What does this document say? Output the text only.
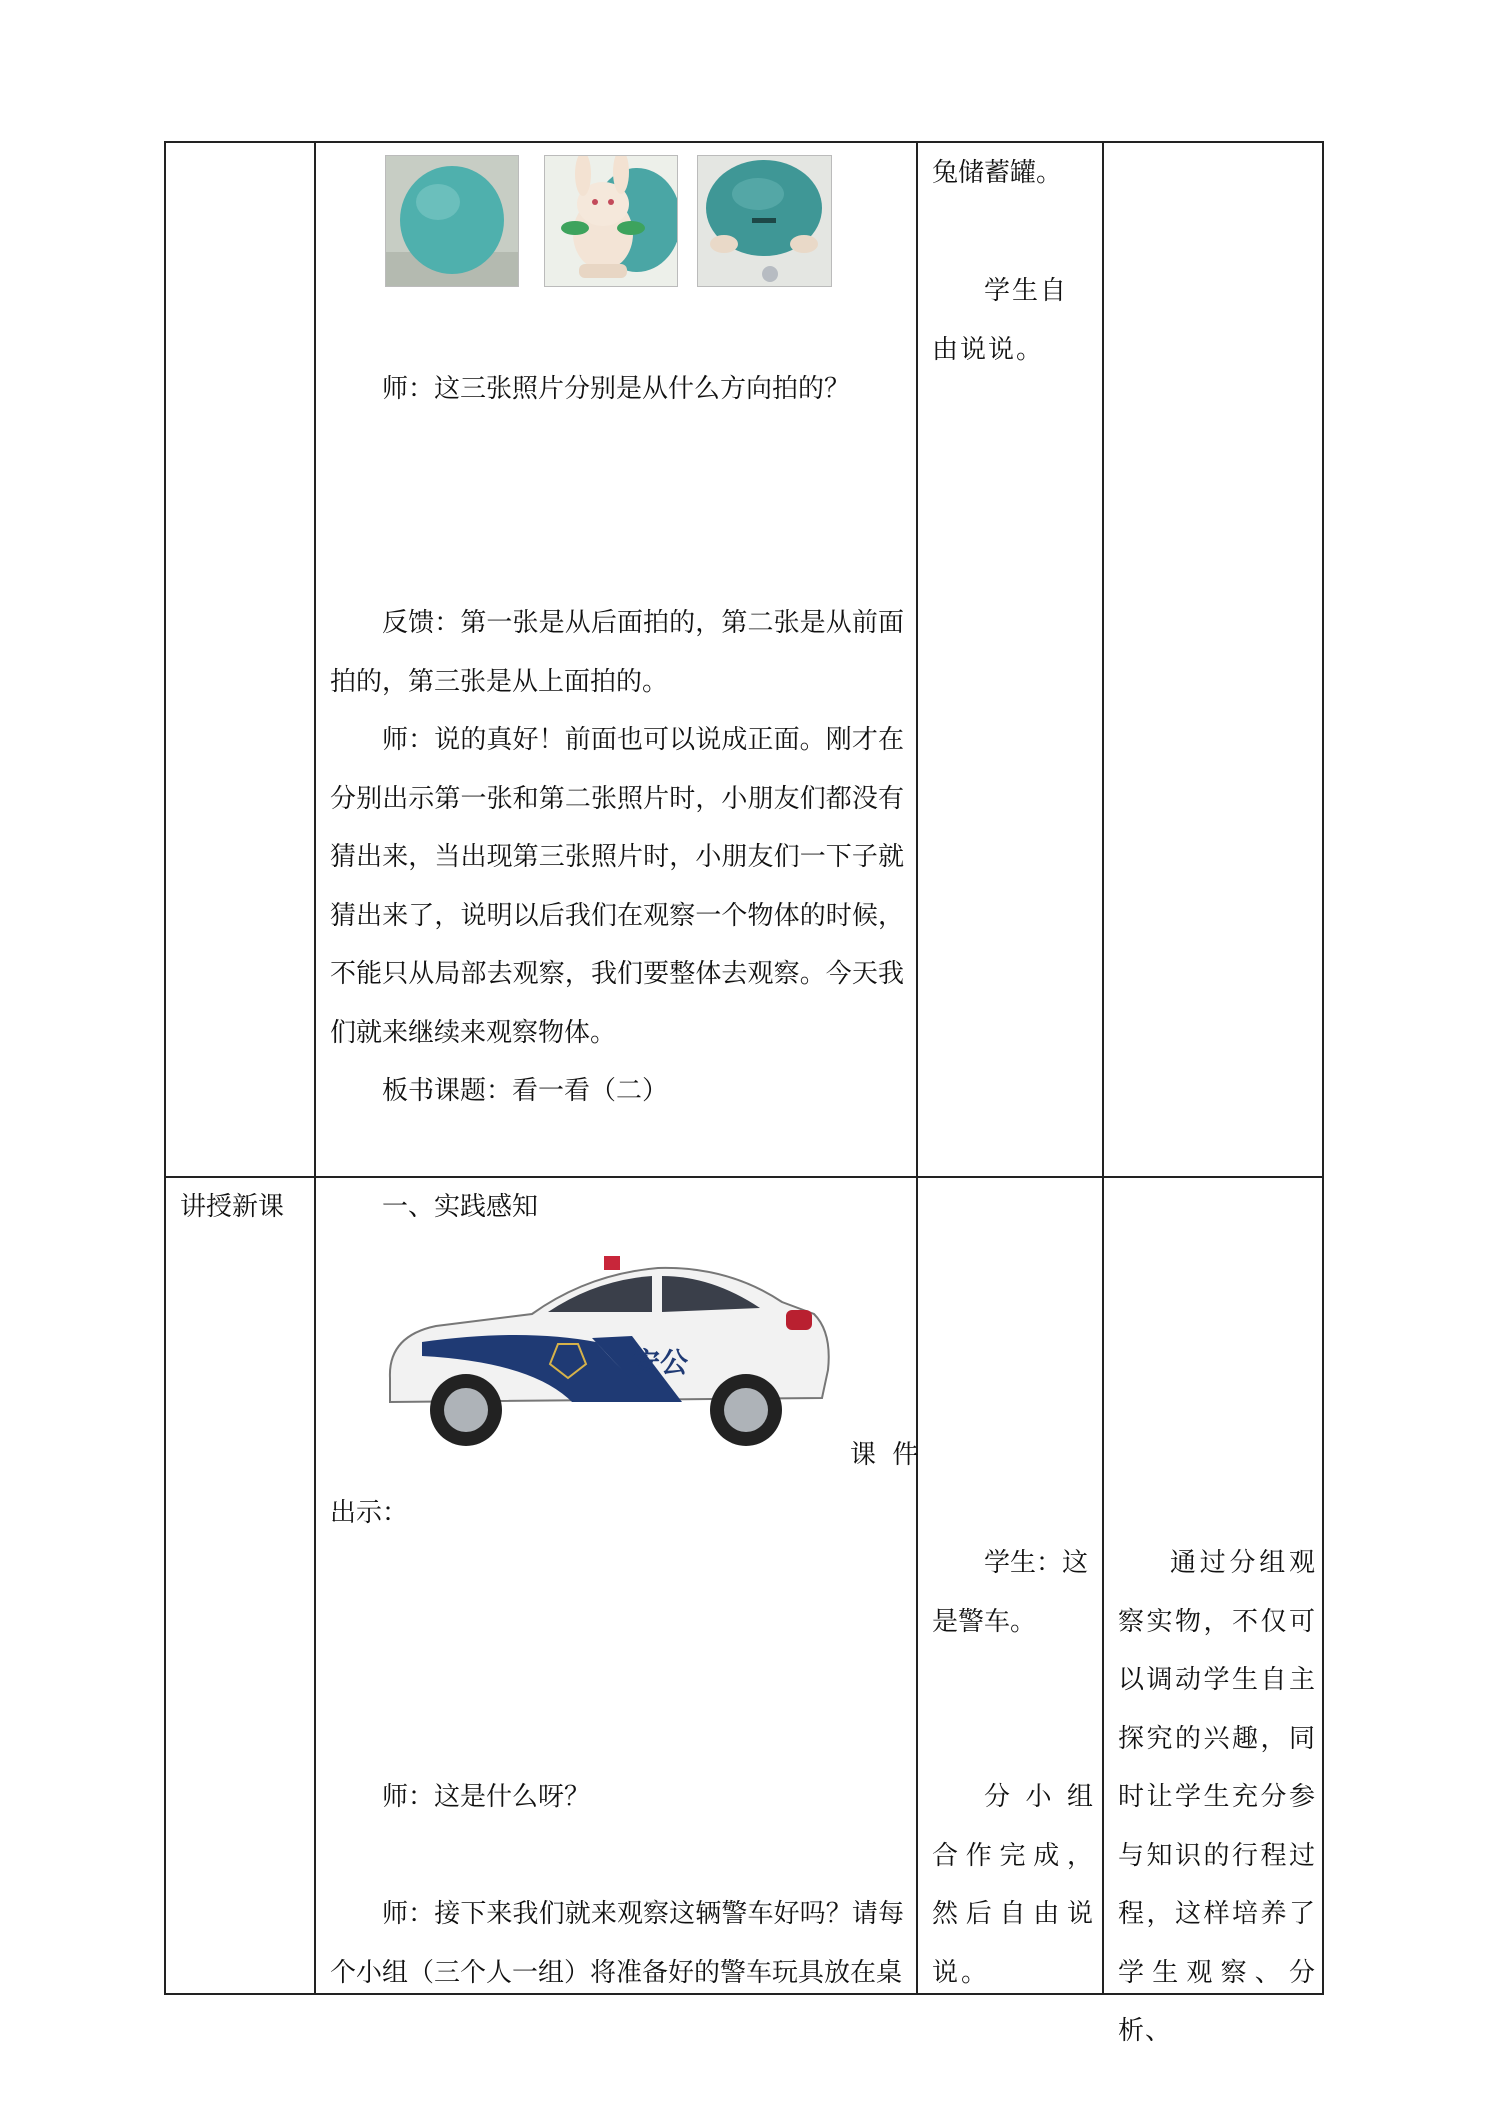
师：这三张照片分别是从什么方向拍的？

反馈：第一张是从后面拍的，第二张是从前面拍的，第三张是从上面拍的。

师：说的真好！前面也可以说成正面。刚才在分别出示第一张和第二张照片时，小朋友们都没有猜出来，当出现第三张照片时，小朋友们一下子就猜出来了，说明以后我们在观察一个物体的时候，不能只从局部去观察，我们要整体去观察。今天我们就来继续来观察物体。

板书课题：看一看（二）

兔储蓄罐。

学生自由说说。

讲授新课	一、实践感知
安公
课 件
出示：
师：这是什么呀？

师：接下来我们就来观察这辆警车好吗？请每个小组（三个人一组）将准备好的警车玩具放在桌

学生：这是警车。

分小组合作完成，然后自由说说。

通过分组观察实物，不仅可以调动学生自主探究的兴趣，同时让学生充分参与知识的行程过程，这样培养了学生观察、分析、
